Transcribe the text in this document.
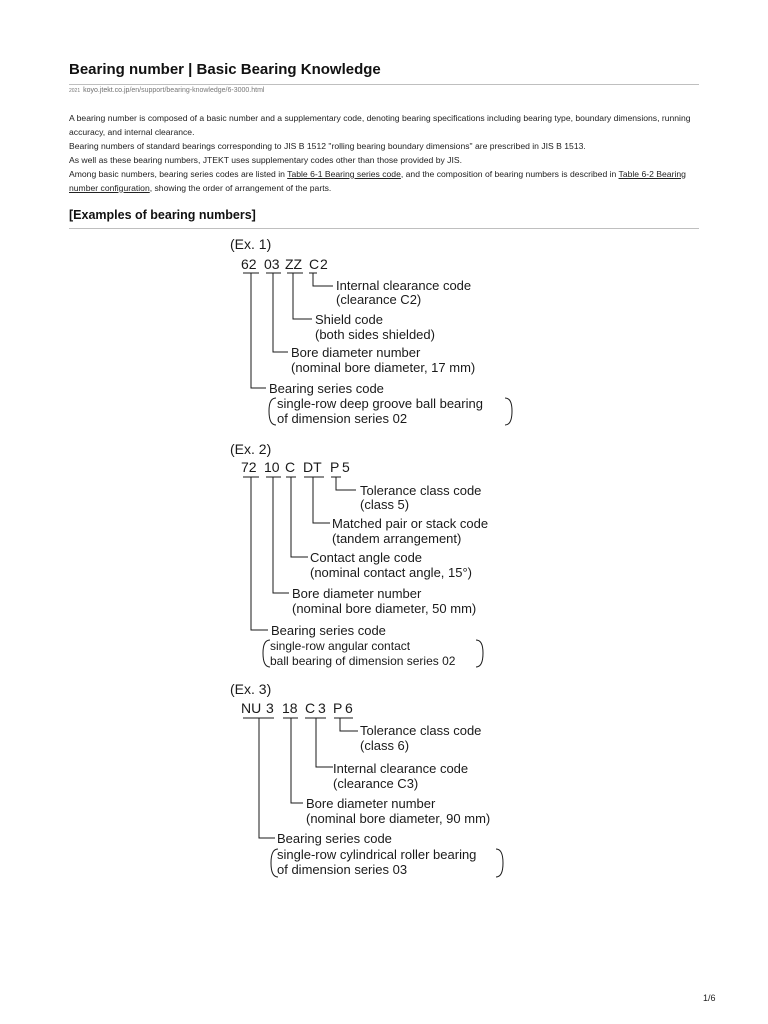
Bearing number | Basic Bearing Knowledge
2021 koyo.jtekt.co.jp/en/support/bearing-knowledge/6-3000.html

A bearing number is composed of a basic number and a supplementary code, denoting bearing specifications including bearing type, boundary dimensions, running accuracy, and internal clearance.

Bearing numbers of standard bearings corresponding to JIS B 1512 "rolling bearing boundary dimensions" are prescribed in JIS B 1513.

As well as these bearing numbers, JTEKT uses supplementary codes other than those provided by JIS.

Among basic numbers, bearing series codes are listed in Table 6-1 Bearing series code, and the composition of bearing numbers is described in Table 6-2 Bearing number configuration, showing the order of arrangement of the parts.

[Examples of bearing numbers]
(Ex. 1)
62 03 ZZ C 2
Internal clearance code
(clearance C2)
Shield code
(both sides shielded)
Bore diameter number
(nominal bore diameter, 17 mm)
Bearing series code
single-row deep groove ball bearing
of dimension series 02
(Ex. 2)
72 10 C DT P 5
Tolerance class code
(class 5)
Matched pair or stack code
(tandem arrangement)
Contact angle code
(nominal contact angle, 15°)
Bore diameter number
(nominal bore diameter, 50 mm)
Bearing series code
single-row angular contact
ball bearing of dimension series 02
(Ex. 3)
NU 3 18 C 3 P 6
Tolerance class code
(class 6)
Internal clearance code
(clearance C3)
Bore diameter number
(nominal bore diameter, 90 mm)
Bearing series code
single-row cylindrical roller bearing
of dimension series 03
1/6
